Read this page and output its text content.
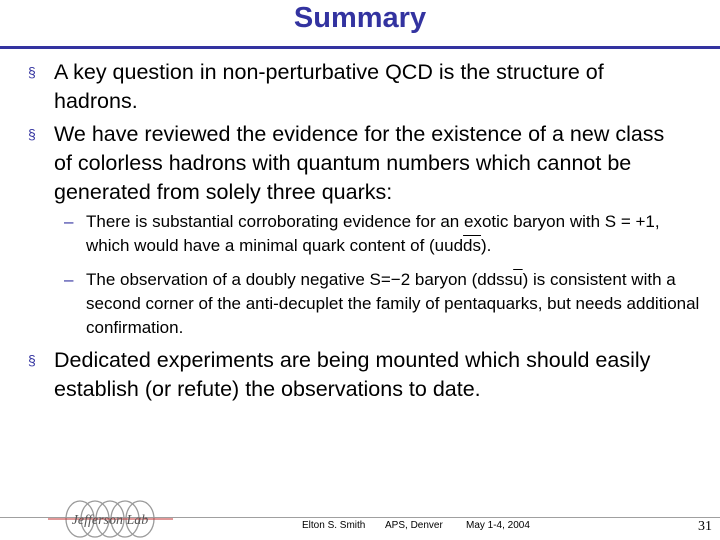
Summary
§ A key question in non-perturbative QCD is the structure of hadrons.
§ We have reviewed the evidence for the existence of a new class of colorless hadrons with quantum numbers which cannot be generated from solely three quarks:
– There is substantial corroborating evidence for an exotic baryon with S = +1, which would have a minimal quark content of $(uud\overline{ds})$.
– The observation of a doubly negative S=−2 baryon $(ddss\overline{u})$ is consistent with a second corner of the anti-decuplet the family of pentaquarks, but needs additional confirmation.
§ Dedicated experiments are being mounted which should easily establish (or refute) the observations to date.
Jefferson Lab	Elton S. Smith APS, Denver May 1-4, 2004	31
